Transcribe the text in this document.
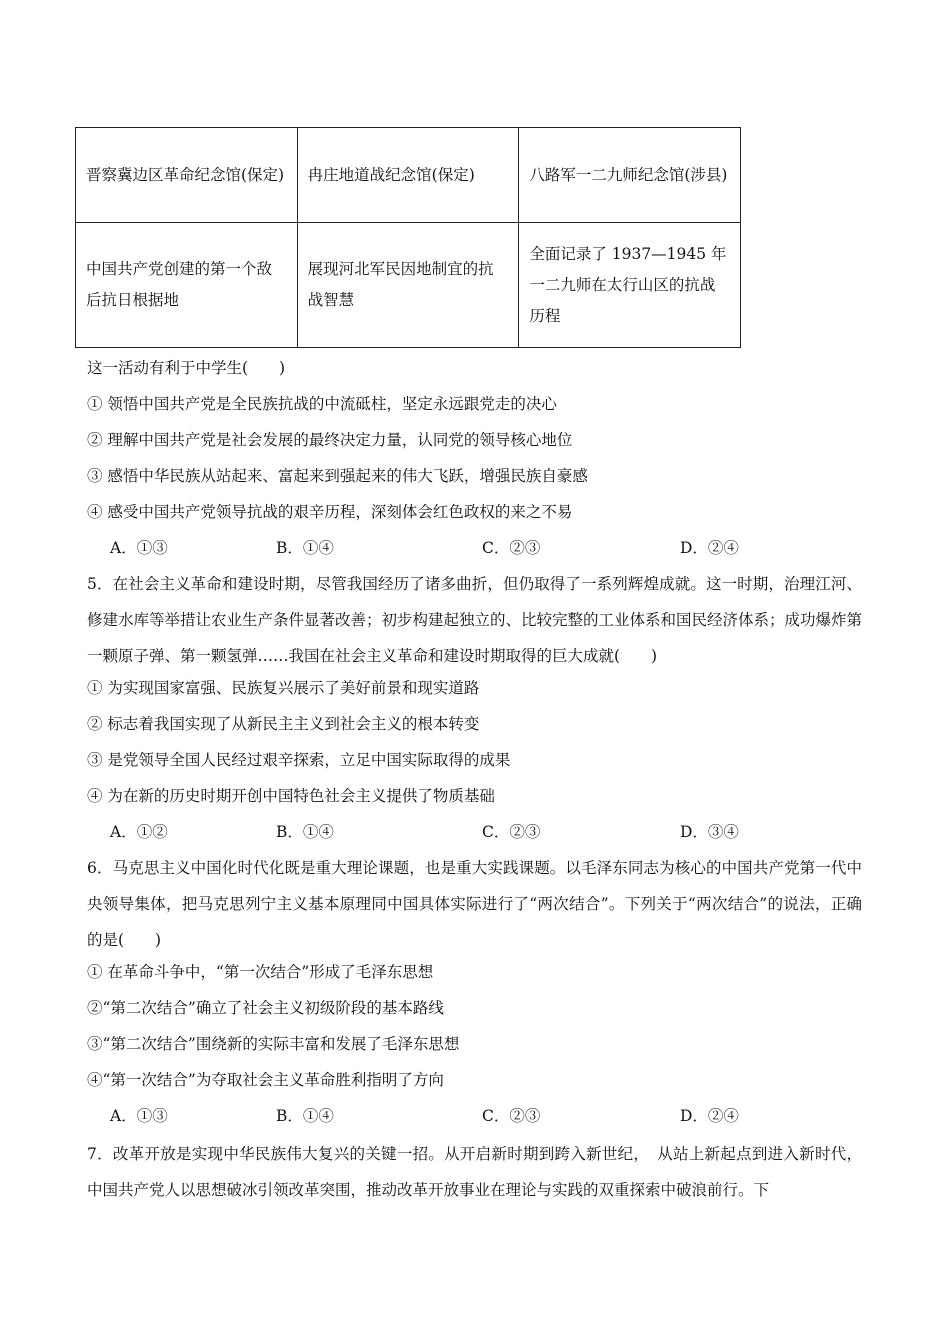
晋察冀边区革命纪念馆(保定)	冉庄地道战纪念馆(保定)	八路军一二九师纪念馆(涉县)
中国共产党创建的第一个敌后抗日根据地	展现河北军民因地制宜的抗战智慧	全面记录了 1937—1945 年一二九师在太行山区的抗战历程
这一活动有利于中学生(　　)
① 领悟中国共产党是全民族抗战的中流砥柱，坚定永远跟党走的决心
② 理解中国共产党是社会发展的最终决定力量，认同党的领导核心地位
③ 感悟中华民族从站起来、富起来到强起来的伟大飞跃，增强民族自豪感
④ 感受中国共产党领导抗战的艰辛历程，深刻体会红色政权的来之不易
A．①③	B．①④	C．②③	D．②④
5．在社会主义革命和建设时期，尽管我国经历了诸多曲折，但仍取得了一系列辉煌成就。这一时期，治理江河、修建水库等举措让农业生产条件显著改善；初步构建起独立的、比较完整的工业体系和国民经济体系；成功爆炸第一颗原子弹、第一颗氢弹……我国在社会主义革命和建设时期取得的巨大成就(　　)
① 为实现国家富强、民族复兴展示了美好前景和现实道路
② 标志着我国实现了从新民主主义到社会主义的根本转变
③ 是党领导全国人民经过艰辛探索，立足中国实际取得的成果
④ 为在新的历史时期开创中国特色社会主义提供了物质基础
A．①②	B．①④	C．②③	D．③④
6．马克思主义中国化时代化既是重大理论课题，也是重大实践课题。以毛泽东同志为核心的中国共产党第一代中央领导集体，把马克思列宁主义基本原理同中国具体实际进行了“两次结合”。下列关于“两次结合”的说法，正确的是(　　)
① 在革命斗争中，“第一次结合”形成了毛泽东思想
②“第二次结合”确立了社会主义初级阶段的基本路线
③“第二次结合”围绕新的实际丰富和发展了毛泽东思想
④“第一次结合”为夺取社会主义革命胜利指明了方向
A．①③	B．①④	C．②③	D．②④
7．改革开放是实现中华民族伟大复兴的关键一招。从开启新时期到跨入新世纪，　从站上新起点到进入新时代，中国共产党人以思想破冰引领改革突围，推动改革开放事业在理论与实践的双重探索中破浪前行。下
